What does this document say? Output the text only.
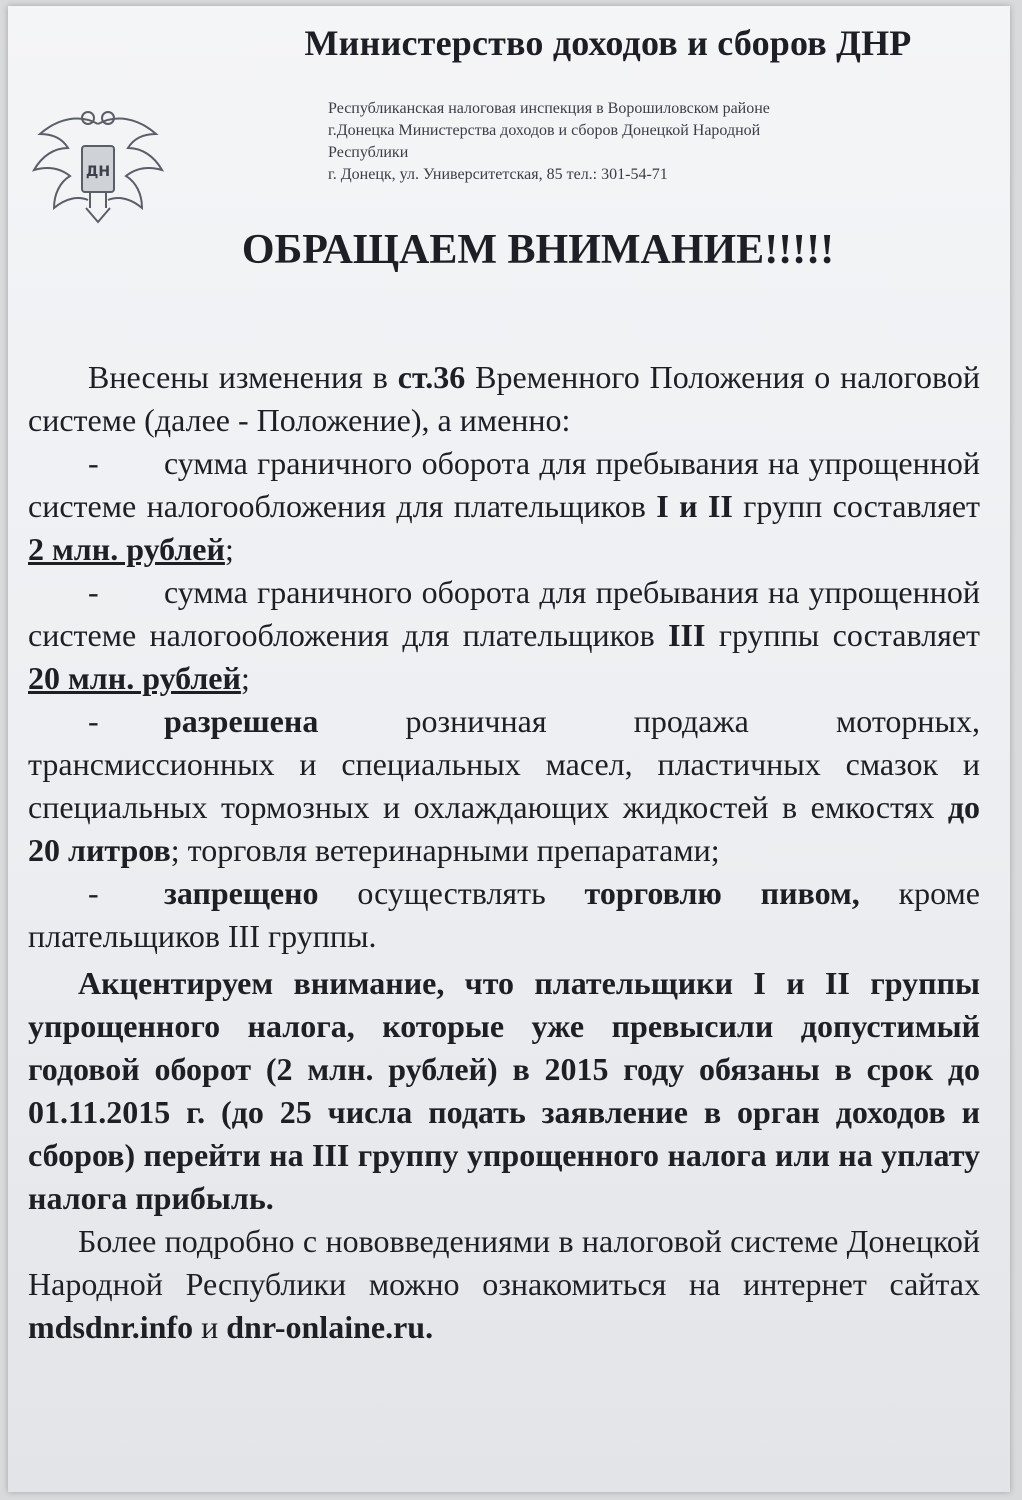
ДН
Министерство доходов и сборов ДНР
Республиканская налоговая инспекция в Ворошиловском районе
г.Донецка Министерства доходов и сборов Донецкой Народной
Республики
г. Донецк, ул. Университетская, 85 тел.: 301-54-71
ОБРАЩАЕМ ВНИМАНИЕ!!!!!

Внесены изменения в ст.36 Временного Положения о налоговой системе (далее - Положение), а именно:

- сумма граничного оборота для пребывания на упрощенной системе налогообложения для плательщиков I и II групп составляет 2 млн. рублей;

- сумма граничного оборота для пребывания на упрощенной системе налогообложения для плательщиков III группы составляет 20 млн. рублей;

- разрешена розничная продажа моторных, трансмиссионных и специальных масел, пластичных смазок и специальных тормозных и охлаждающих жидкостей в емкостях до 20 литров; торговля ветеринарными препаратами;

- запрещено осуществлять торговлю пивом, кроме плательщиков III группы.

Акцентируем внимание, что плательщики I и II группы упрощенного налога, которые уже превысили допустимый годовой оборот (2 млн. рублей) в 2015 году обязаны в срок до 01.11.2015 г. (до 25 числа подать заявление в орган доходов и сборов) перейти на III группу упрощенного налога или на уплату налога прибыль.

Более подробно с нововведениями в налоговой системе Донецкой Народной Республики можно ознакомиться на интернет сайтах mdsdnr.info и dnr-onlaine.ru.
